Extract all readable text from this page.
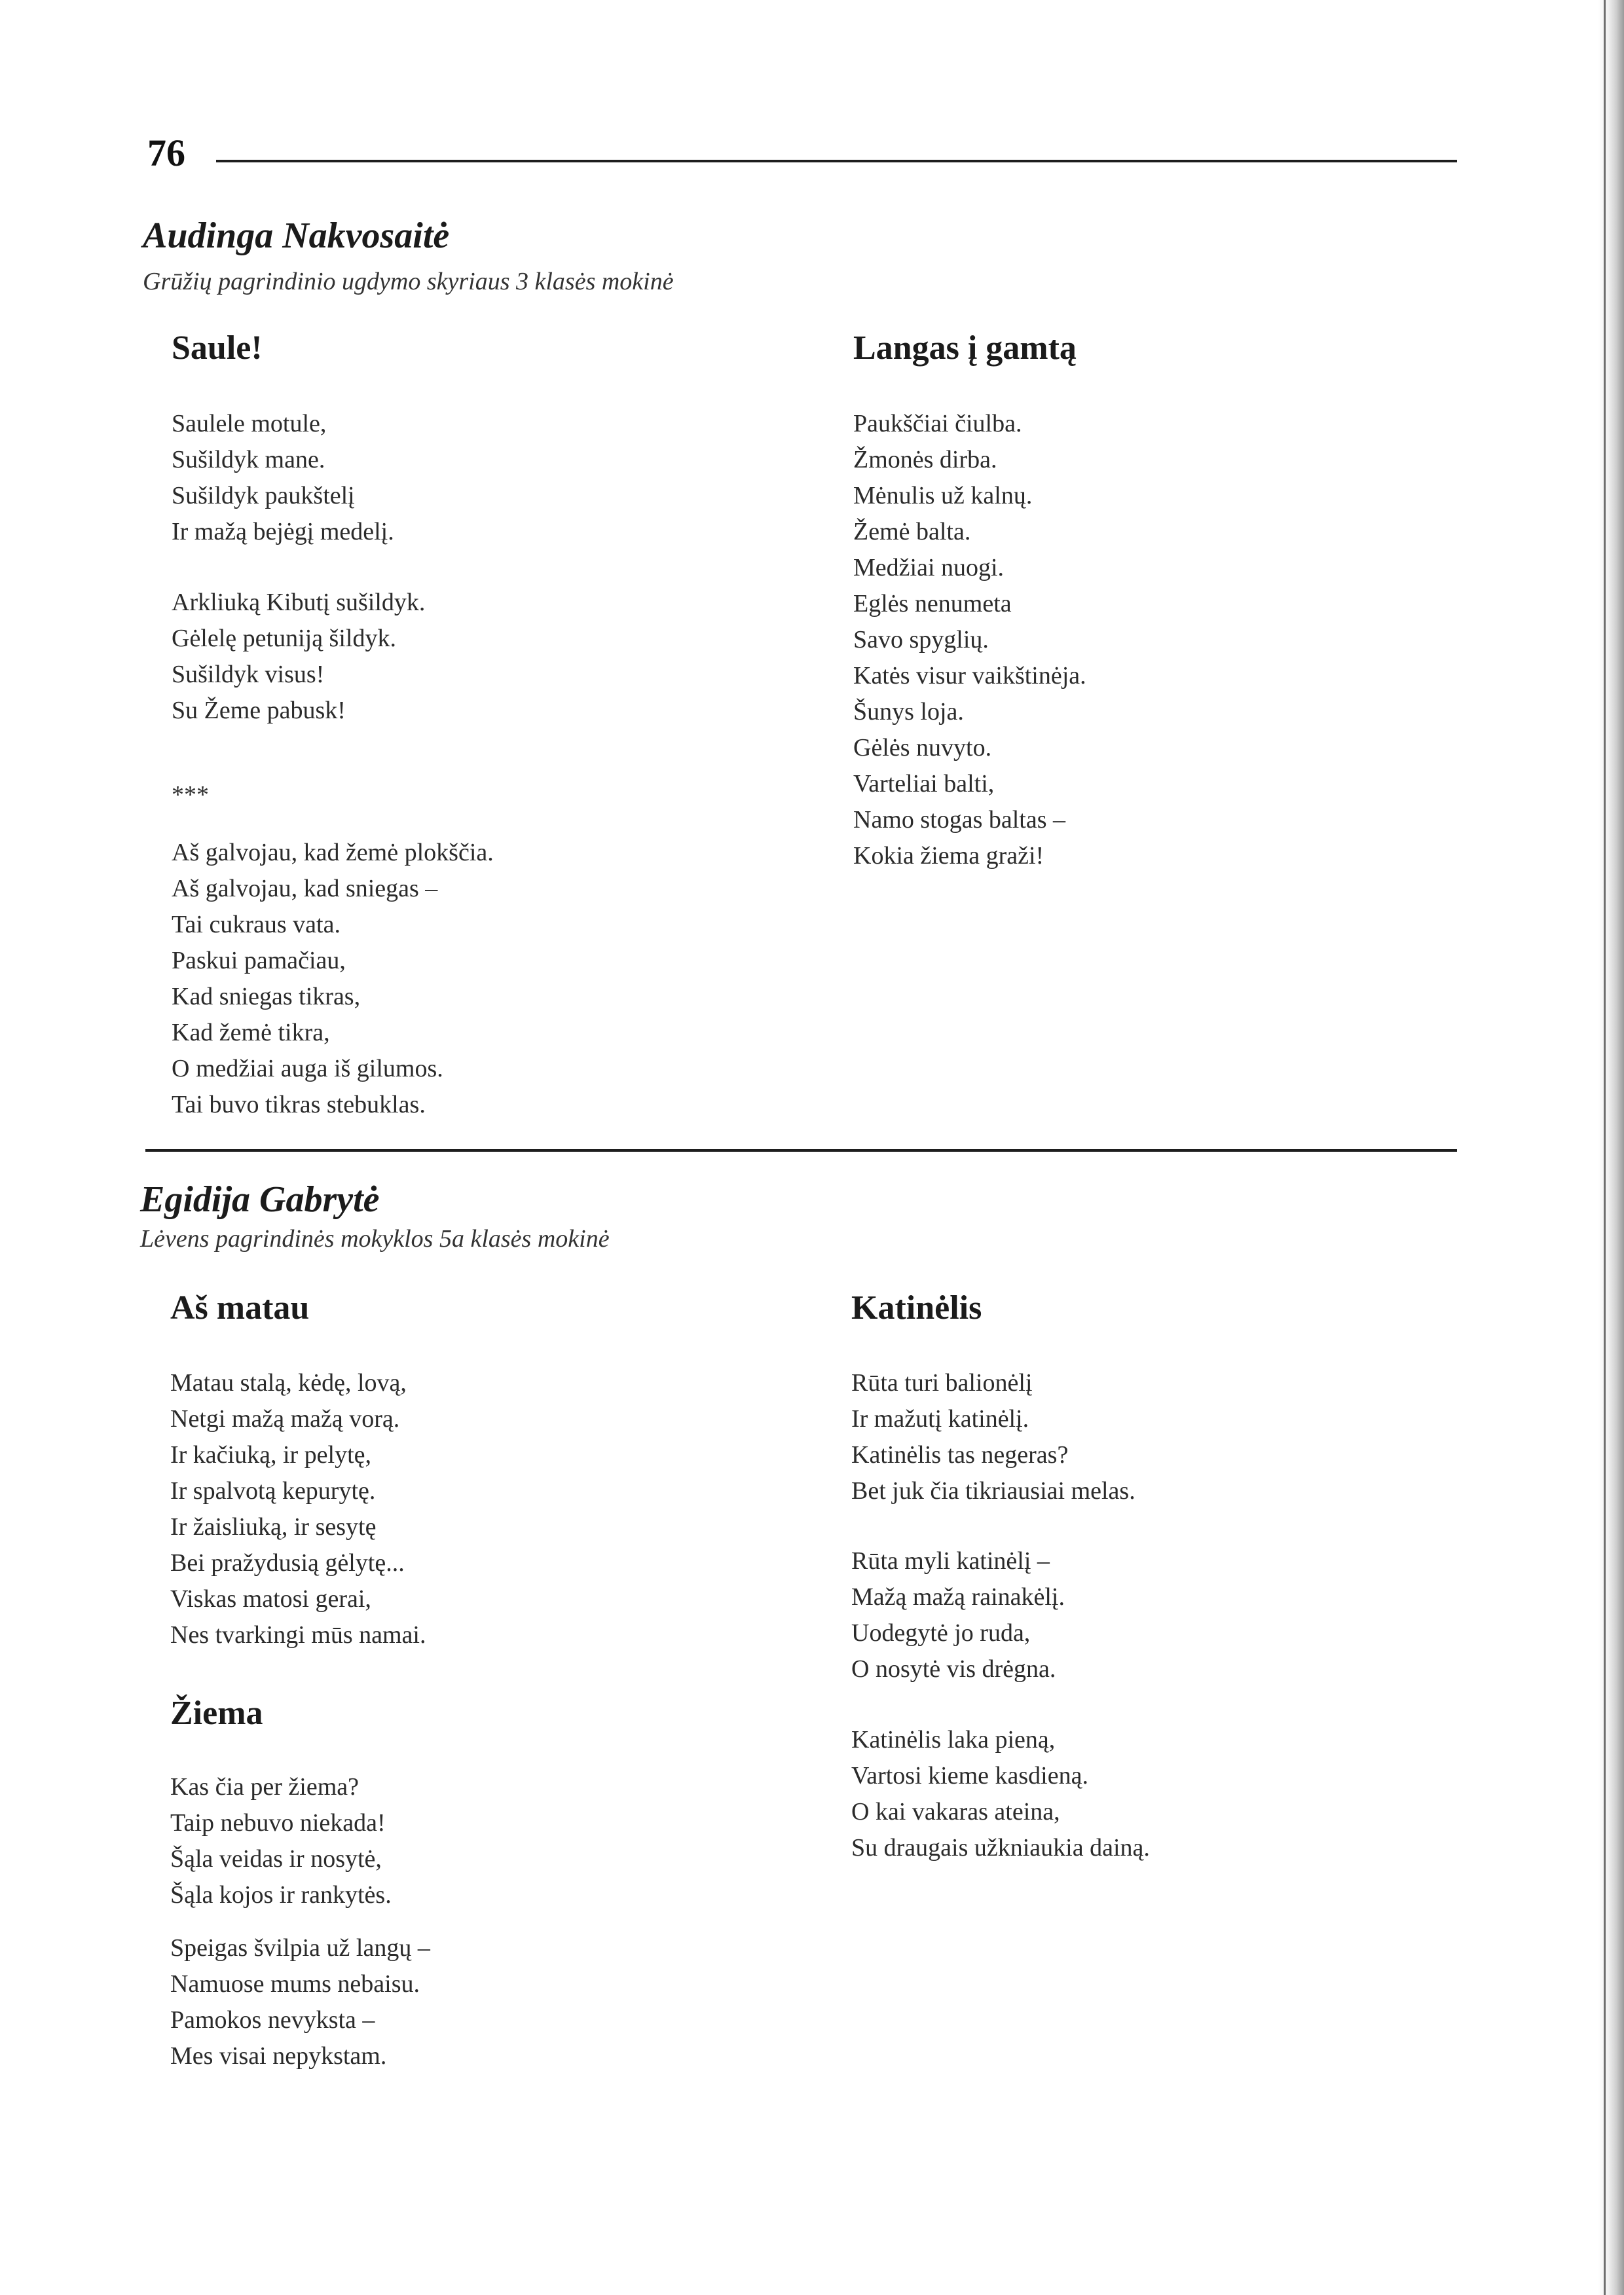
76
Audinga Nakvosaitė
Grūžių pagrindinio ugdymo skyriaus 3 klasės mokinė
Saule!
Saulele motule,
Sušildyk mane.
Sušildyk paukštelį
Ir mažą bejėgį medelį.
Arkliuką Kibutį sušildyk.
Gėlelę petuniją šildyk.
Sušildyk visus!
Su Žeme pabusk!
***
Aš galvojau, kad žemė plokščia.
Aš galvojau, kad sniegas –
Tai cukraus vata.
Paskui pamačiau,
Kad sniegas tikras,
Kad žemė tikra,
O medžiai auga iš gilumos.
Tai buvo tikras stebuklas.
Langas į gamtą
Paukščiai čiulba.
Žmonės dirba.
Mėnulis už kalnų.
Žemė balta.
Medžiai nuogi.
Eglės nenumeta
Savo spyglių.
Katės visur vaikštinėja.
Šunys loja.
Gėlės nuvyto.
Varteliai balti,
Namo stogas baltas –
Kokia žiema graži!
Egidija Gabrytė
Lėvens pagrindinės mokyklos 5a klasės mokinė
Aš matau
Matau stalą, kėdę, lovą,
Netgi mažą mažą vorą.
Ir kačiuką, ir pelytę,
Ir spalvotą kepurytę.
Ir žaisliuką, ir sesytę
Bei pražydusią gėlytę...
Viskas matosi gerai,
Nes tvarkingi mūs namai.
Žiema
Kas čia per žiema?
Taip nebuvo niekada!
Šąla veidas ir nosytė,
Šąla kojos ir rankytės.
Speigas švilpia už langų –
Namuose mums nebaisu.
Pamokos nevyksta –
Mes visai nepykstam.
Katinėlis
Rūta turi balionėlį
Ir mažutį katinėlį.
Katinėlis tas negeras?
Bet juk čia tikriausiai melas.
Rūta myli katinėlį –
Mažą mažą rainakėlį.
Uodegytė jo ruda,
O nosytė vis drėgna.
Katinėlis laka pieną,
Vartosi kieme kasdieną.
O kai vakaras ateina,
Su draugais užkniaukia dainą.
